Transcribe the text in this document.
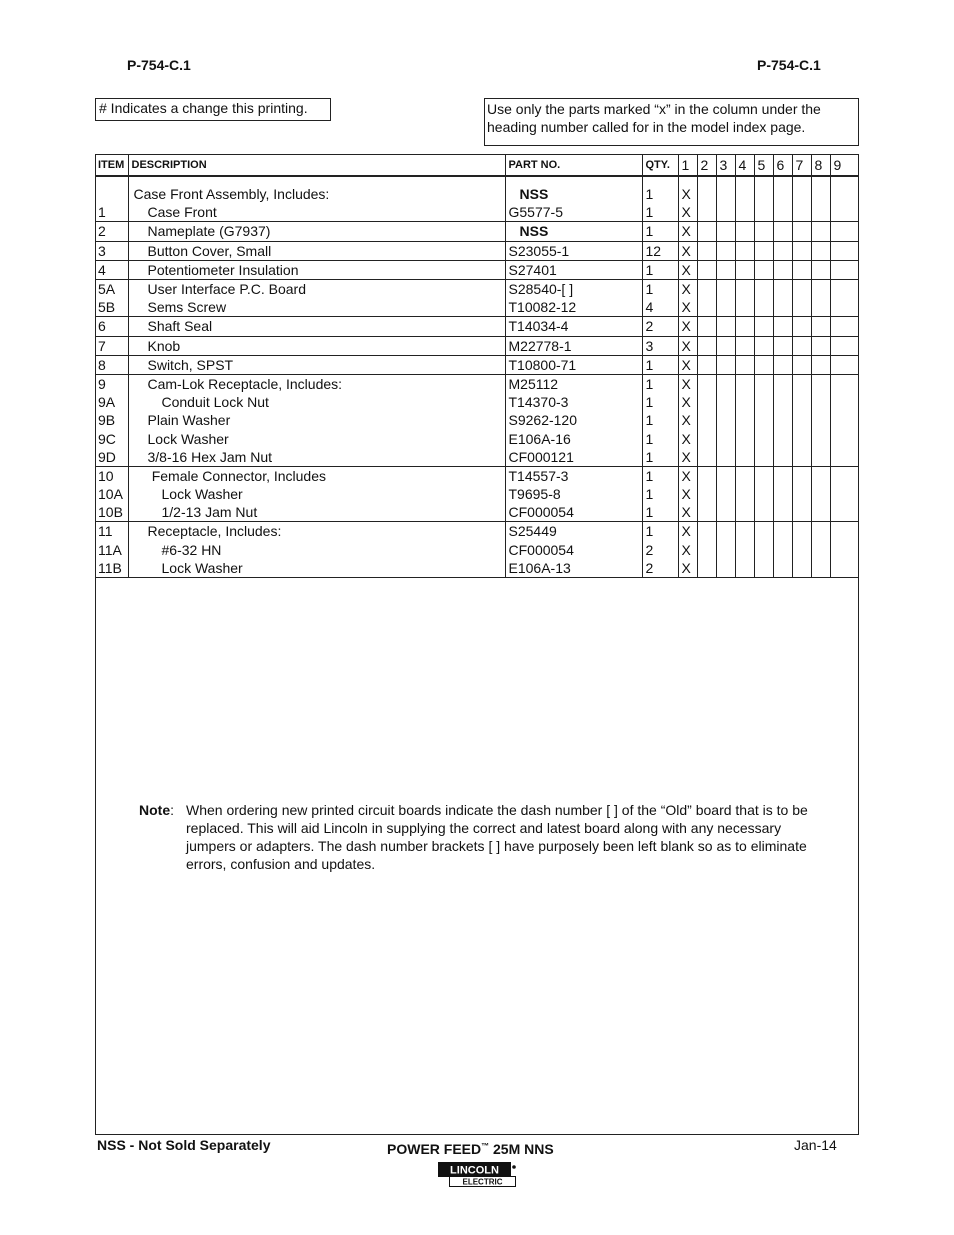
P-754-C.1	P-754-C.1
# Indicates a change this printing.	Use only the parts marked “x” in the column under the heading number called for in the model index page.
ITEM	DESCRIPTION	PART NO.	QTY.	1	2	3	4	5	6	7	8	9

	Case Front Assembly, Includes:	NSS	1	X								
1	Case Front	G5577-5	1	X								
2	Nameplate (G7937)	NSS	1	X								
3	Button Cover, Small	S23055-1	12	X								
4	Potentiometer Insulation	S27401	1	X								
5A	User Interface P.C. Board	S28540-[ ]	1	X								
5B	Sems Screw	T10082-12	4	X								
6	Shaft Seal	T14034-4	2	X								
7	Knob	M22778-1	3	X								
8	Switch, SPST	T10800-71	1	X								
9	Cam-Lok Receptacle, Includes:	M25112	1	X								
9A	Conduit Lock Nut	T14370-3	1	X								
9B	Plain Washer	S9262-120	1	X								
9C	Lock Washer	E106A-16	1	X								
9D	3/8-16 Hex Jam Nut	CF000121	1	X								
10	Female Connector, Includes	T14557-3	1	X								
10A	Lock Washer	T9695-8	1	X								
10B	1/2-13 Jam Nut	CF000054	1	X								
11	Receptacle, Includes:	S25449	1	X								
11A	#6-32 HN	CF000054	2	X								
11B	Lock Washer	E106A-13	2	X								
Note: When ordering new printed circuit boards indicate the dash number [ ] of the “Old” board that is to be replaced. This will aid Lincoln in supplying the correct and latest board along with any necessary jumpers or adapters. The dash number brackets [ ] have purposely been left blank so as to eliminate errors, confusion and updates.
NSS - Not Sold Separately	POWER FEED™ 25M NNS	Jan-14
LINCOLN
ELECTRIC
